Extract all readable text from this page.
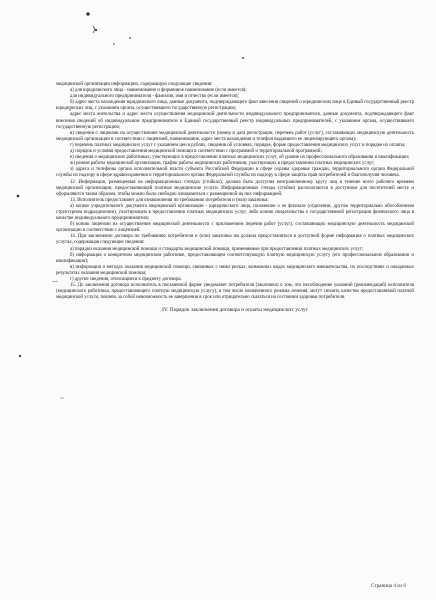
медицинской организации информацию, содержащую следующие сведения:

а) для юридического лица - наименование и фирменное наименование (если имеется);

для индивидуального предпринимателя - фамилия, имя и отчество (если имеется);

б) адрес места нахождения юридического лица, данные документа, подтверждающего факт внесения сведений о юридическом лице в Единый государственный реестр юридических лиц, с указанием органа, осуществившего государственную регистрацию;

адрес места жительства и адрес места осуществления медицинской деятельности индивидуального предпринимателя, данные документа, подтверждающего факт внесения сведений об индивидуальном предпринимателе в Единый государственный реестр индивидуальных предпринимателей, с указанием органа, осуществившего государственную регистрацию;

в) сведения о лицензии на осуществление медицинской деятельности (номер и дата регистрации, перечень работ (услуг), составляющих медицинскую деятельность медицинской организации в соответствии с лицензией, наименование, адрес места нахождения и телефон выдавшего ее лицензирующего органа);

г) перечень платных медицинских услуг с указанием цен в рублях, сведения об условиях, порядке, форме предоставления медицинских услуг и порядке их оплаты;

д) порядок и условия предоставления медицинской помощи в соответствии с программой и территориальной программой;

е) сведения о медицинских работниках, участвующих в предоставлении платных медицинских услуг, об уровне их профессионального образования и квалификации;

ж) режим работы медицинской организации, график работы медицинских работников, участвующих в предоставлении платных медицинских услуг;

з) адреса и телефоны органа исполнительной власти субъекта Российской Федерации в сфере охраны здоровья граждан, территориального органа Федеральной службы по надзору в сфере здравоохранения и территориального органа Федеральной службы по надзору в сфере защиты прав потребителей и благополучия человека.

12. Информация, размещенная на информационных стендах (стойках), должна быть доступна неограниченному кругу лиц в течение всего рабочего времени медицинской организации, предоставляющей платные медицинские услуги. Информационные стенды (стойки) располагаются в доступном для посетителей месте и оформляются таким образом, чтобы можно было свободно ознакомиться с размещенной на них информацией.

13. Исполнитель предоставляет для ознакомления по требованию потребителя и (или) заказчика:

а) копию учредительного документа медицинской организации - юридического лица, положение о ее филиале (отделении, другом территориально обособленном структурном подразделении), участвующем в предоставлении платных медицинских услуг, либо копию свидетельства о государственной регистрации физического лица в качестве индивидуального предпринимателя;

б) копию лицензии на осуществление медицинской деятельности с приложением перечня работ (услуг), составляющих медицинскую деятельность медицинской организации в соответствии с лицензией.

14. При заключении договора по требованию потребителя и (или) заказчика им должна предоставляться в доступной форме информация о платных медицинских услугах, содержащая следующие сведения:

а) порядки оказания медицинской помощи и стандарты медицинской помощи, применяемые при предоставлении платных медицинских услуг;

б) информация о конкретном медицинском работнике, предоставляющем соответствующую платную медицинскую услугу (его профессиональном образовании и квалификации);

в) информация о методах оказания медицинской помощи, связанных с ними рисках, возможных видах медицинского вмешательства, их последствиях и ожидаемых результатах оказания медицинской помощи;

г) другие сведения, относящиеся к предмету договора.

15. До заключения договора исполнитель в письменной форме уведомляет потребителя (заказчика) о том, что несоблюдение указаний (рекомендаций) исполнителя (медицинского работника, предоставляющего платную медицинскую услугу), в том числе назначенного режима лечения, могут снизить качество предоставляемой платной медицинской услуги, повлечь за собой невозможность ее завершения в срок или отрицательно сказаться на состоянии здоровья потребителя.

IV. Порядок заключения договора и оплаты медицинских услуг

Страница 4 из 6
